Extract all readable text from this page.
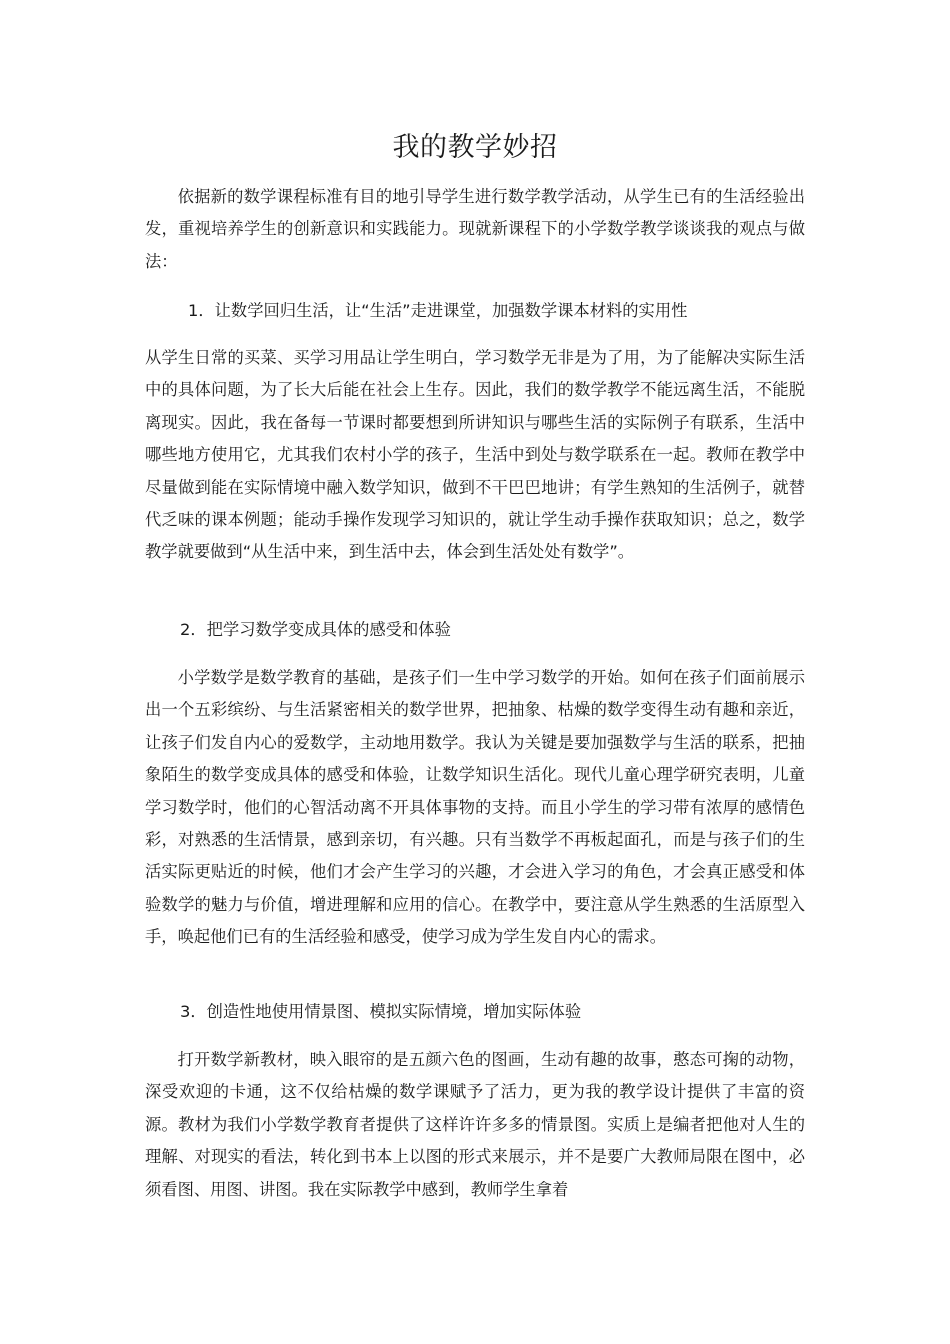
我的教学妙招

依据新的数学课程标准有目的地引导学生进行数学教学活动，从学生已有的生活经验出发，重视培养学生的创新意识和实践能力。现就新课程下的小学数学教学谈谈我的观点与做法：

1．让数学回归生活，让“生活”走进课堂，加强数学课本材料的实用性

从学生日常的买菜、买学习用品让学生明白，学习数学无非是为了用，为了能解决实际生活中的具体问题，为了长大后能在社会上生存。因此，我们的数学教学不能远离生活，不能脱离现实。因此，我在备每一节课时都要想到所讲知识与哪些生活的实际例子有联系，生活中哪些地方使用它，尤其我们农村小学的孩子，生活中到处与数学联系在一起。教师在教学中尽量做到能在实际情境中融入数学知识，做到不干巴巴地讲；有学生熟知的生活例子，就替代乏味的课本例题；能动手操作发现学习知识的，就让学生动手操作获取知识；总之，数学教学就要做到“从生活中来，到生活中去，体会到生活处处有数学”。

2．把学习数学变成具体的感受和体验

小学数学是数学教育的基础，是孩子们一生中学习数学的开始。如何在孩子们面前展示出一个五彩缤纷、与生活紧密相关的数学世界，把抽象、枯燥的数学变得生动有趣和亲近，让孩子们发自内心的爱数学，主动地用数学。我认为关键是要加强数学与生活的联系，把抽象陌生的数学变成具体的感受和体验，让数学知识生活化。现代儿童心理学研究表明，儿童学习数学时，他们的心智活动离不开具体事物的支持。而且小学生的学习带有浓厚的感情色彩，对熟悉的生活情景，感到亲切，有兴趣。只有当数学不再板起面孔，而是与孩子们的生活实际更贴近的时候，他们才会产生学习的兴趣，才会进入学习的角色，才会真正感受和体验数学的魅力与价值，增进理解和应用的信心。在教学中，要注意从学生熟悉的生活原型入手，唤起他们已有的生活经验和感受，使学习成为学生发自内心的需求。

3．创造性地使用情景图、模拟实际情境，增加实际体验

打开数学新教材，映入眼帘的是五颜六色的图画，生动有趣的故事，憨态可掬的动物，深受欢迎的卡通，这不仅给枯燥的数学课赋予了活力，更为我的教学设计提供了丰富的资源。教材为我们小学数学教育者提供了这样许许多多的情景图。实质上是编者把他对人生的理解、对现实的看法，转化到书本上以图的形式来展示，并不是要广大教师局限在图中，必须看图、用图、讲图。我在实际教学中感到，教师学生拿着
